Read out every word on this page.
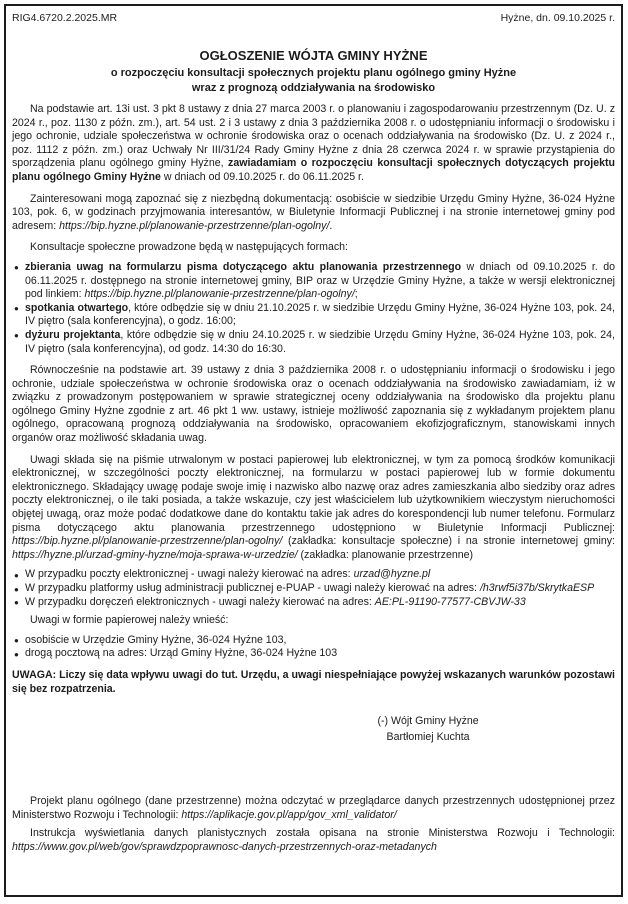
RIG4.6720.2.2025.MR	Hyżne, dn. 09.10.2025 r.
OGŁOSZENIE WÓJTA GMINY HYŻNE
o rozpoczęciu konsultacji społecznych projektu planu ogólnego gminy Hyżne
wraz z prognozą oddziaływania na środowisko

Na podstawie art. 13i ust. 3 pkt 8 ustawy z dnia 27 marca 2003 r. o planowaniu i zagospodarowaniu przestrzennym (Dz. U. z 2024 r., poz. 1130 z późn. zm.), art. 54 ust. 2 i 3 ustawy z dnia 3 października 2008 r. o udostępnianiu informacji o środowisku i jego ochronie, udziale społeczeństwa w ochronie środowiska oraz o ocenach oddziaływania na środowisko (Dz. U. z 2024 r., poz. 1112 z późn. zm.) oraz Uchwały Nr III/31/24 Rady Gminy Hyżne z dnia 28 czerwca 2024 r. w sprawie przystąpienia do sporządzenia planu ogólnego gminy Hyżne, zawiadamiam o rozpoczęciu konsultacji społecznych dotyczących projektu planu ogólnego Gminy Hyżne w dniach od 09.10.2025 r. do 06.11.2025 r.

Zainteresowani mogą zapoznać się z niezbędną dokumentacją: osobiście w siedzibie Urzędu Gminy Hyżne, 36-024 Hyżne 103, pok. 6, w godzinach przyjmowania interesantów, w Biuletynie Informacji Publicznej i na stronie internetowej gminy pod adresem: https://bip.hyzne.pl/planowanie-przestrzenne/plan-ogolny/.

Konsultacje społeczne prowadzone będą w następujących formach:

● zbierania uwag na formularzu pisma dotyczącego aktu planowania przestrzennego w dniach od 09.10.2025 r. do 06.11.2025 r. dostępnego na stronie internetowej gminy, BIP oraz w Urzędzie Gminy Hyżne, a także w wersji elektronicznej pod linkiem: https://bip.hyzne.pl/planowanie-przestrzenne/plan-ogolny/;
● spotkania otwartego, które odbędzie się w dniu 21.10.2025 r. w siedzibie Urzędu Gminy Hyżne, 36-024 Hyżne 103, pok. 24, IV piętro (sala konferencyjna), o godz. 16:00;
● dyżuru projektanta, które odbędzie się w dniu 24.10.2025 r. w siedzibie Urzędu Gminy Hyżne, 36-024 Hyżne 103, pok. 24, IV piętro (sala konferencyjna), od godz. 14:30 do 16:30.

Równocześnie na podstawie art. 39 ustawy z dnia 3 października 2008 r. o udostępnianiu informacji o środowisku i jego ochronie, udziale społeczeństwa w ochronie środowiska oraz o ocenach oddziaływania na środowisko zawiadamiam, iż w związku z prowadzonym postępowaniem w sprawie strategicznej oceny oddziaływania na środowisko dla projektu planu ogólnego Gminy Hyżne zgodnie z art. 46 pkt 1 ww. ustawy, istnieje możliwość zapoznania się z wykładanym projektem planu ogólnego, opracowaną prognozą oddziaływania na środowisko, opracowaniem ekofizjograficznym, stanowiskami innych organów oraz możliwość składania uwag.

Uwagi składa się na piśmie utrwalonym w postaci papierowej lub elektronicznej, w tym za pomocą środków komunikacji elektronicznej, w szczególności poczty elektronicznej, na formularzu w postaci papierowej lub w formie dokumentu elektronicznego. Składający uwagę podaje swoje imię i nazwisko albo nazwę oraz adres zamieszkania albo siedziby oraz adres poczty elektronicznej, o ile taki posiada, a także wskazuje, czy jest właścicielem lub użytkownikiem wieczystym nieruchomości objętej uwagą, oraz może podać dodatkowe dane do kontaktu takie jak adres do korespondencji lub numer telefonu. Formularz pisma dotyczącego aktu planowania przestrzennego udostępniono w Biuletynie Informacji Publicznej: https://bip.hyzne.pl/planowanie-przestrzenne/plan-ogolny/ (zakładka: konsultacje społeczne) i na stronie internetowej gminy: https://hyzne.pl/urzad-gminy-hyzne/moja-sprawa-w-urzedzie/ (zakładka: planowanie przestrzenne)

● W przypadku poczty elektronicznej - uwagi należy kierować na adres: urzad@hyzne.pl
● W przypadku platformy usług administracji publicznej e-PUAP - uwagi należy kierować na adres: /h3rwf5i37b/SkrytkaESP
● W przypadku doręczeń elektronicznych - uwagi należy kierować na adres: AE:PL-91190-77577-CBVJW-33

Uwagi w formie papierowej należy wnieść:

● osobiście w Urzędzie Gminy Hyżne, 36-024 Hyżne 103,
● drogą pocztową na adres: Urząd Gminy Hyżne, 36-024 Hyżne 103

UWAGA: Liczy się data wpływu uwagi do tut. Urzędu, a uwagi niespełniające powyżej wskazanych warunków pozostawi się bez rozpatrzenia.

(-) Wójt Gminy Hyżne
Bartłomiej Kuchta

Projekt planu ogólnego (dane przestrzenne) można odczytać w przeglądarce danych przestrzennych udostępnionej przez Ministerstwo Rozwoju i Technologii: https://aplikacje.gov.pl/app/gov_xml_validator/

Instrukcja wyświetlania danych planistycznych została opisana na stronie Ministerstwa Rozwoju i Technologii: https://www.gov.pl/web/gov/sprawdzpoprawnosc-danych-przestrzennych-oraz-metadanych
